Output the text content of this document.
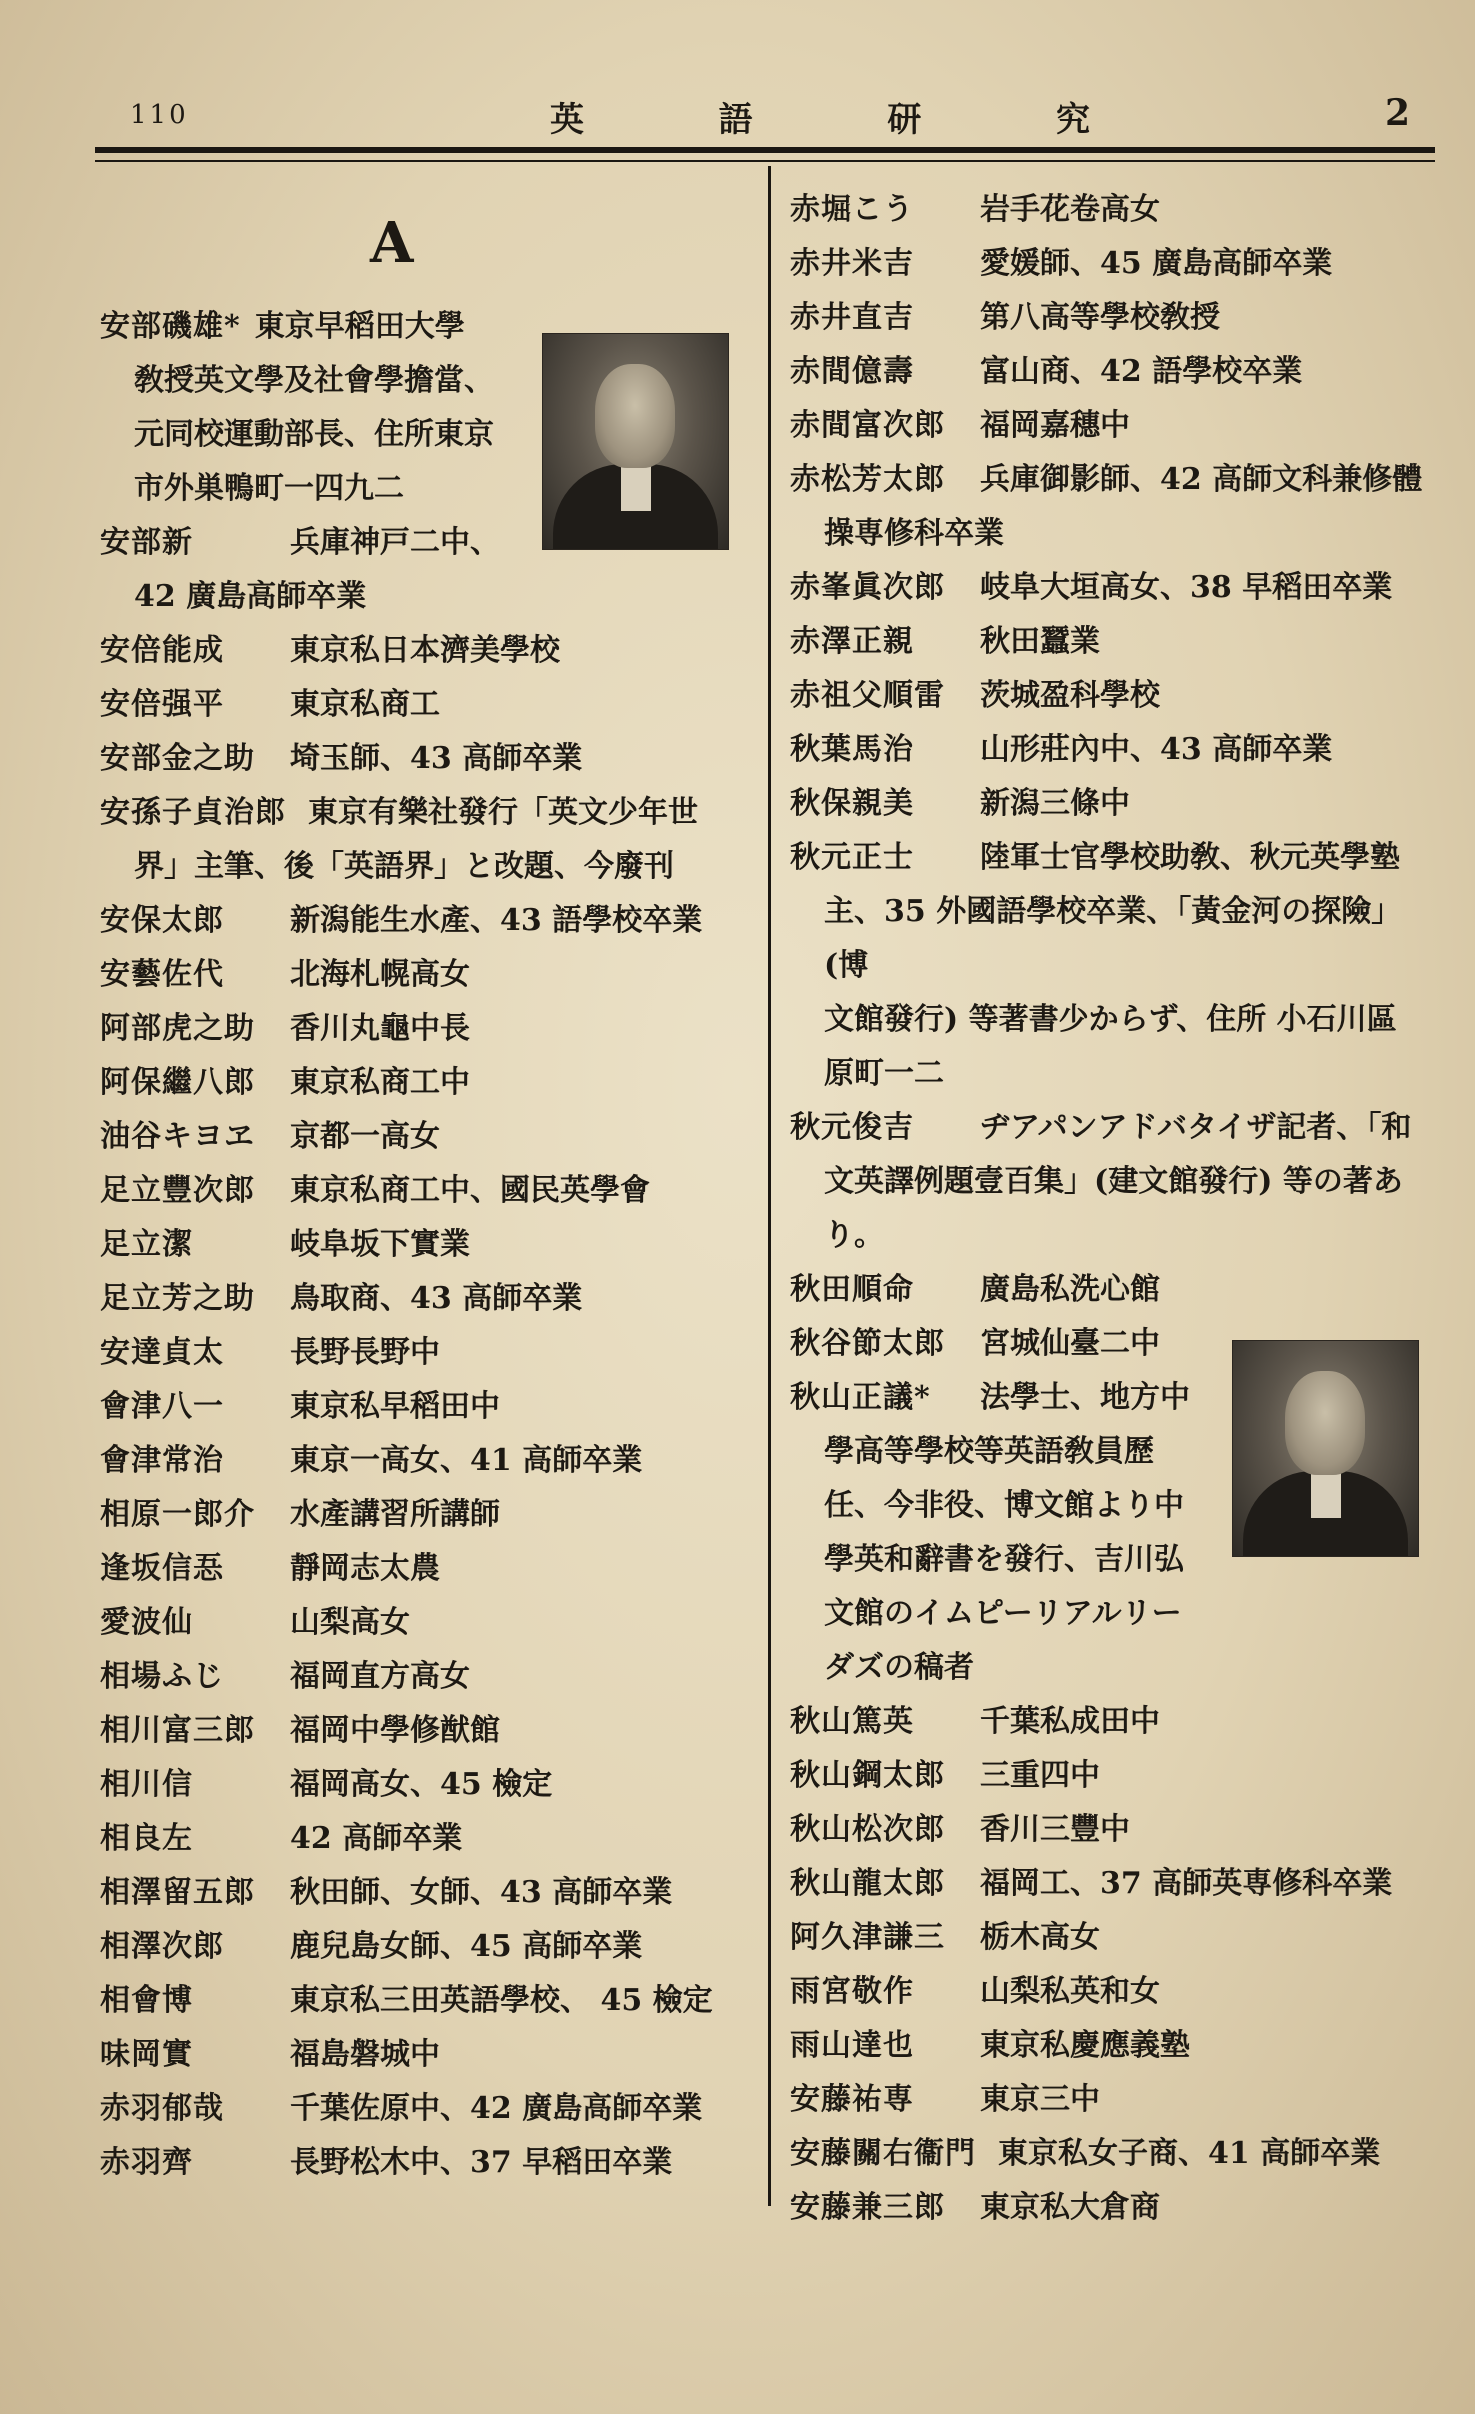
110	英	語	研	究	2
A
安部磯雄* 東京早稻田大學
敎授英文學及社會學擔當、
元同校運動部長、住所東京
市外巣鴨町一四九二
安部新	兵庫神戸二中、
42 廣島高師卒業
安倍能成 東京私日本濟美學校
安倍强平 東京私商工
安部金之助 埼玉師、43 高師卒業
安孫子貞治郎 東京有樂社發行「英文少年世
界」主筆、後「英語界」と改題、今廢刊
安保太郎 新潟能生水產、43 語學校卒業
安藝佐代 北海札幌高女
阿部虎之助 香川丸龜中長
阿保繼八郎 東京私商工中
油谷キヨヱ 京都一高女
足立豐次郎 東京私商工中、國民英學會
足立潔	岐阜坂下實業
足立芳之助 鳥取商、43 高師卒業
安達貞太 長野長野中
會津八一 東京私早稻田中
會津常治 東京一高女、41 高師卒業
相原一郎介 水產講習所講師
逢坂信忢 靜岡志太農
愛波仙	山梨高女
相場ふじ 福岡直方高女
相川富三郎 福岡中學修猷館
相川信	福岡高女、45 檢定
相良左	42 高師卒業
相澤留五郎 秋田師、女師、43 高師卒業
相澤次郎 鹿兒島女師、45 高師卒業
相會博	東京私三田英語學校、 45 檢定
味岡實	福島磐城中
赤羽郁哉 千葉佐原中、42 廣島高師卒業
赤羽齊	長野松木中、37 早稻田卒業
赤堀こう 岩手花卷高女
赤井米吉 愛媛師、45 廣島高師卒業
赤井直吉 第八高等學校敎授
赤間億壽 富山商、42 語學校卒業
赤間富次郎 福岡嘉穗中
赤松芳太郎 兵庫御影師、42 高師文科兼修體
操専修科卒業
赤峯眞次郎 岐阜大垣高女、38 早稻田卒業
赤澤正親 秋田蠶業
赤祖父順雷 茨城盈科學校
秋葉馬治 山形莊內中、43 高師卒業
秋保親美 新潟三條中
秋元正士 陸軍士官學校助敎、秋元英學塾
主、35 外國語學校卒業、「黃金河の探險」(博
文館發行) 等著書少からず、住所 小石川區
原町一二
秋元俊吉 ヂアパンアドバタイザ記者、「和
文英譯例題壹百集」(建文館發行) 等の著あ
り。
秋田順命 廣島私洗心館
秋谷節太郎 宮城仙臺二中
秋山正議* 法學士、地方中
學高等學校等英語敎員歷
任、今非役、博文館より中
學英和辭書を發行、吉川弘
文館のイムピーリアルリー
ダズの稿者
秋山篤英 千葉私成田中
秋山鋼太郎 三重四中
秋山松次郎 香川三豐中
秋山龍太郎 福岡工、37 高師英専修科卒業
阿久津謙三 栃木高女
雨宮敬作 山梨私英和女
雨山達也 東京私慶應義塾
安藤祐専 東京三中
安藤關右衞門 東京私女子商、41 高師卒業
安藤兼三郎 東京私大倉商
